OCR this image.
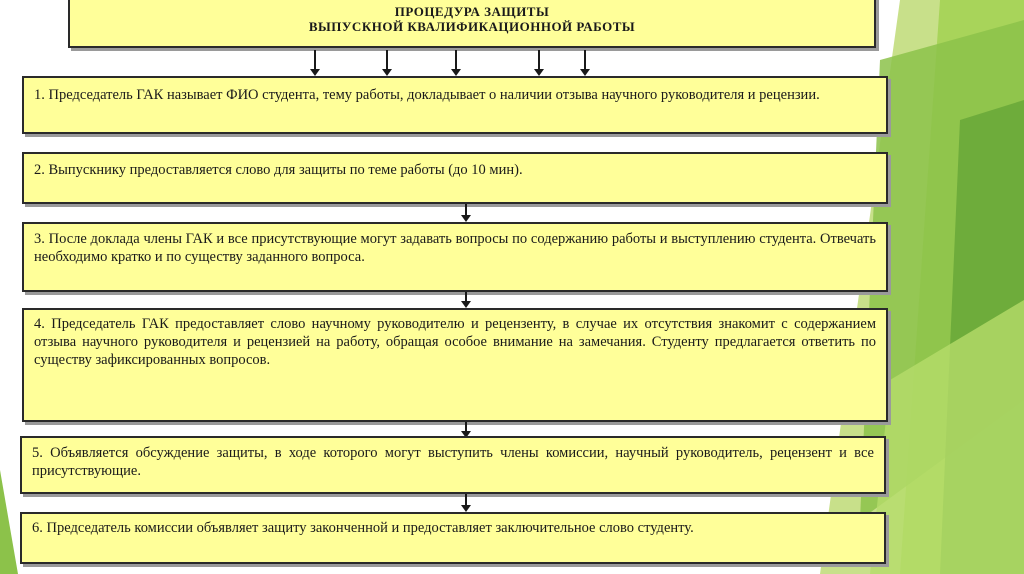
ПРОЦЕДУРА ЗАЩИТЫ
ВЫПУСКНОЙ КВАЛИФИКАЦИОННОЙ РАБОТЫ
1. Председатель ГАК называет ФИО студента, тему работы, докладывает о наличии отзыва научного руководителя и рецензии.
2. Выпускнику предоставляется слово для защиты по теме работы (до 10 мин).
3. После доклада члены ГАК и все присутствующие могут задавать вопросы по содержанию работы и выступлению студента. Отвечать необходимо кратко и по существу заданного вопроса.
4. Председатель ГАК предоставляет слово научному руководителю и рецензенту, в случае их отсутствия знакомит с содержанием отзыва научного руководителя и рецензией на работу, обращая особое внимание на замечания. Студенту предлагается ответить по существу зафиксированных вопросов.
5. Объявляется обсуждение защиты, в ходе которого могут выступить члены комиссии, научный руководитель, рецензент и все присутствующие.
6. Председатель комиссии объявляет защиту законченной и предоставляет заключительное слово студенту.
